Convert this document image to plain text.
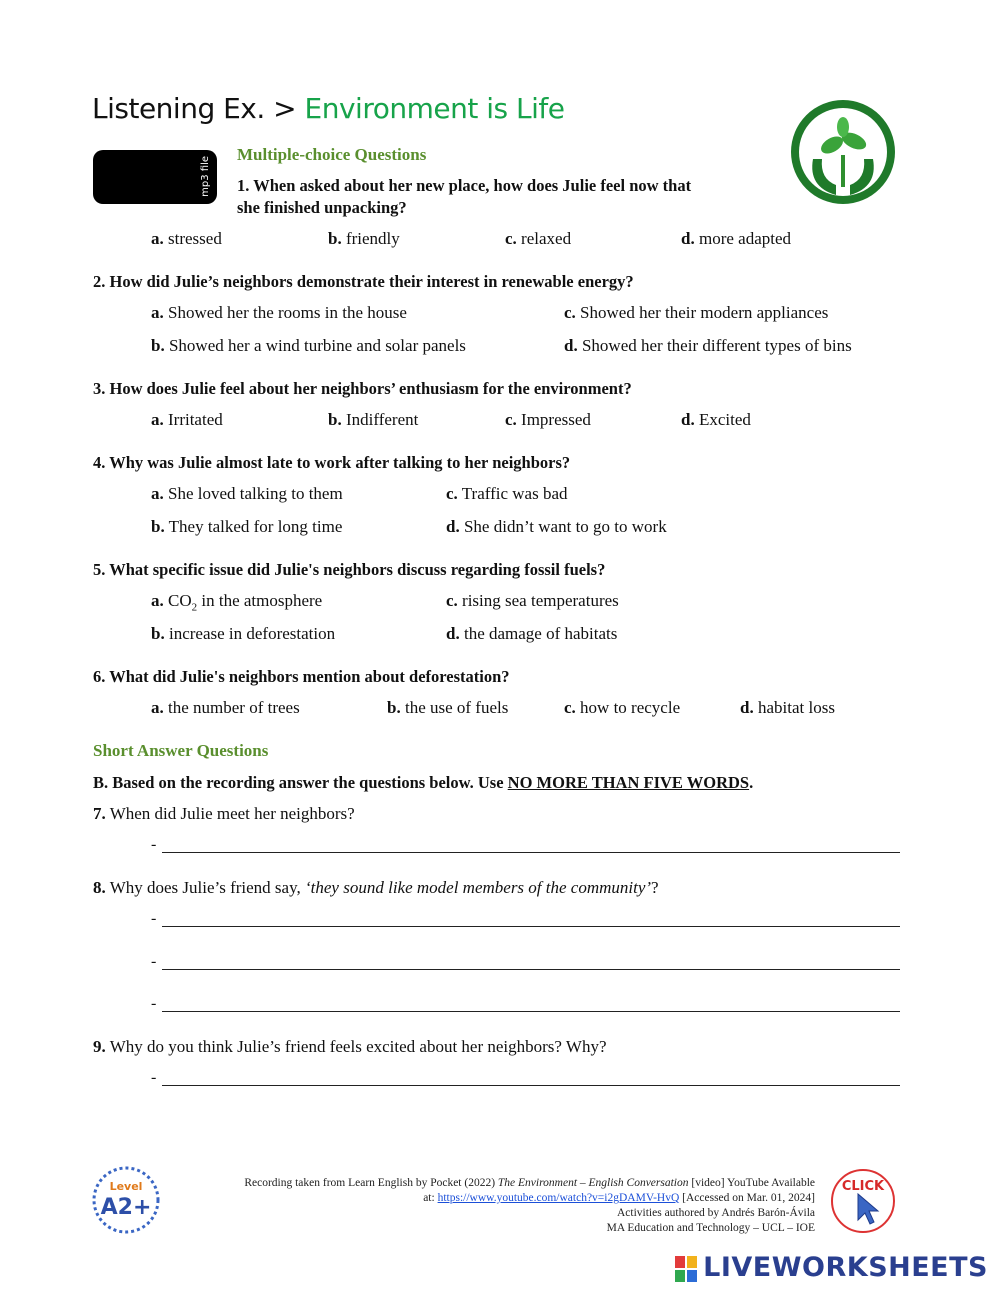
Listening Ex. > Environment is Life
mp3 file
Multiple-choice Questions
1. When asked about her new place, how does Julie feel now that
she finished unpacking?
a. stressed	b. friendly	c. relaxed	d. more adapted
2. How did Julie’s neighbors demonstrate their interest in renewable energy?
a. Showed her the rooms in the house	c. Showed her their modern appliances
b. Showed her a wind turbine and solar panels	d. Showed her their different types of bins
3. How does Julie feel about her neighbors’ enthusiasm for the environment?
a. Irritated	b. Indifferent	c. Impressed	d. Excited
4. Why was Julie almost late to work after talking to her neighbors?
a. She loved talking to them	c. Traffic was bad
b. They talked for long time	d. She didn’t want to go to work
5. What specific issue did Julie's neighbors discuss regarding fossil fuels?
a. $CO_2$ in the atmosphere	c. rising sea temperatures
b. increase in deforestation	d. the damage of habitats
6. What did Julie's neighbors mention about deforestation?
a. the number of trees	b. the use of fuels	c. how to recycle	d. habitat loss
Short Answer Questions
B. Based on the recording answer the questions below. Use NO MORE THAN FIVE WORDS.
7. When did Julie meet her neighbors?
-
8. Why does Julie’s friend say, ‘they sound like model members of the community’?
-
-
-
9. Why do you think Julie’s friend feels excited about her neighbors? Why?
-
Level
A2+
Recording taken from Learn English by Pocket (2022) The Environment – English Conversation [video] YouTube Available
at: https://www.youtube.com/watch?v=i2gDAMV-HvQ [Accessed on Mar. 01, 2024]
Activities authored by Andrés Barón-Ávila
MA Education and Technology – UCL – IOE
CLICK
LIVEWORKSHEETS
